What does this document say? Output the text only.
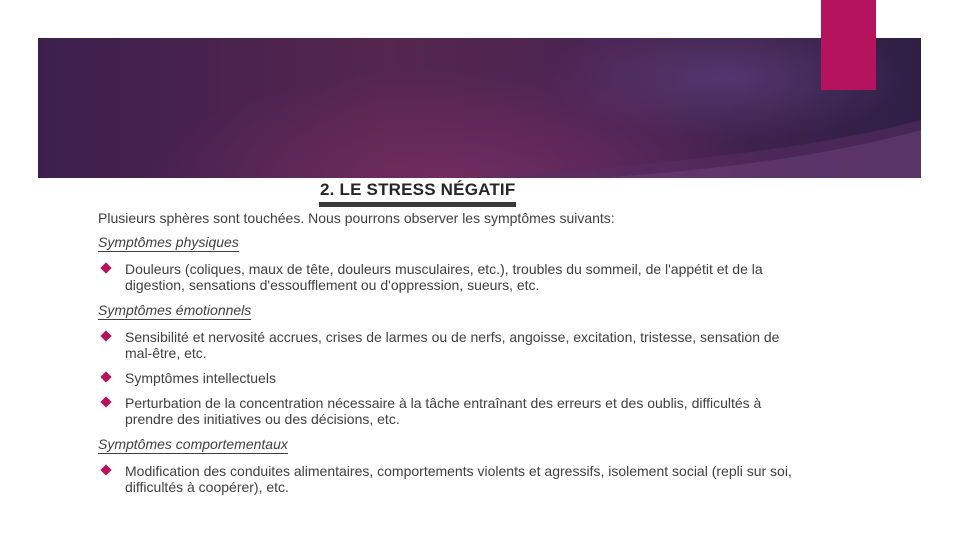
2. LE STRESS NÉGATIF

Plusieurs sphères sont touchées. Nous pourrons observer les symptômes suivants:

Symptômes physiques
Douleurs (coliques, maux de tête, douleurs musculaires, etc.), troubles du sommeil, de l'appétit et de la digestion, sensations d'essoufflement ou d'oppression, sueurs, etc.
Symptômes émotionnels
Sensibilité et nervosité accrues, crises de larmes ou de nerfs, angoisse, excitation, tristesse, sensation de mal-être, etc.
Symptômes intellectuels
Perturbation de la concentration nécessaire à la tâche entraînant des erreurs et des oublis, difficultés à prendre des initiatives ou des décisions, etc.
Symptômes comportementaux
Modification des conduites alimentaires, comportements violents et agressifs, isolement social (repli sur soi, difficultés à coopérer), etc.
